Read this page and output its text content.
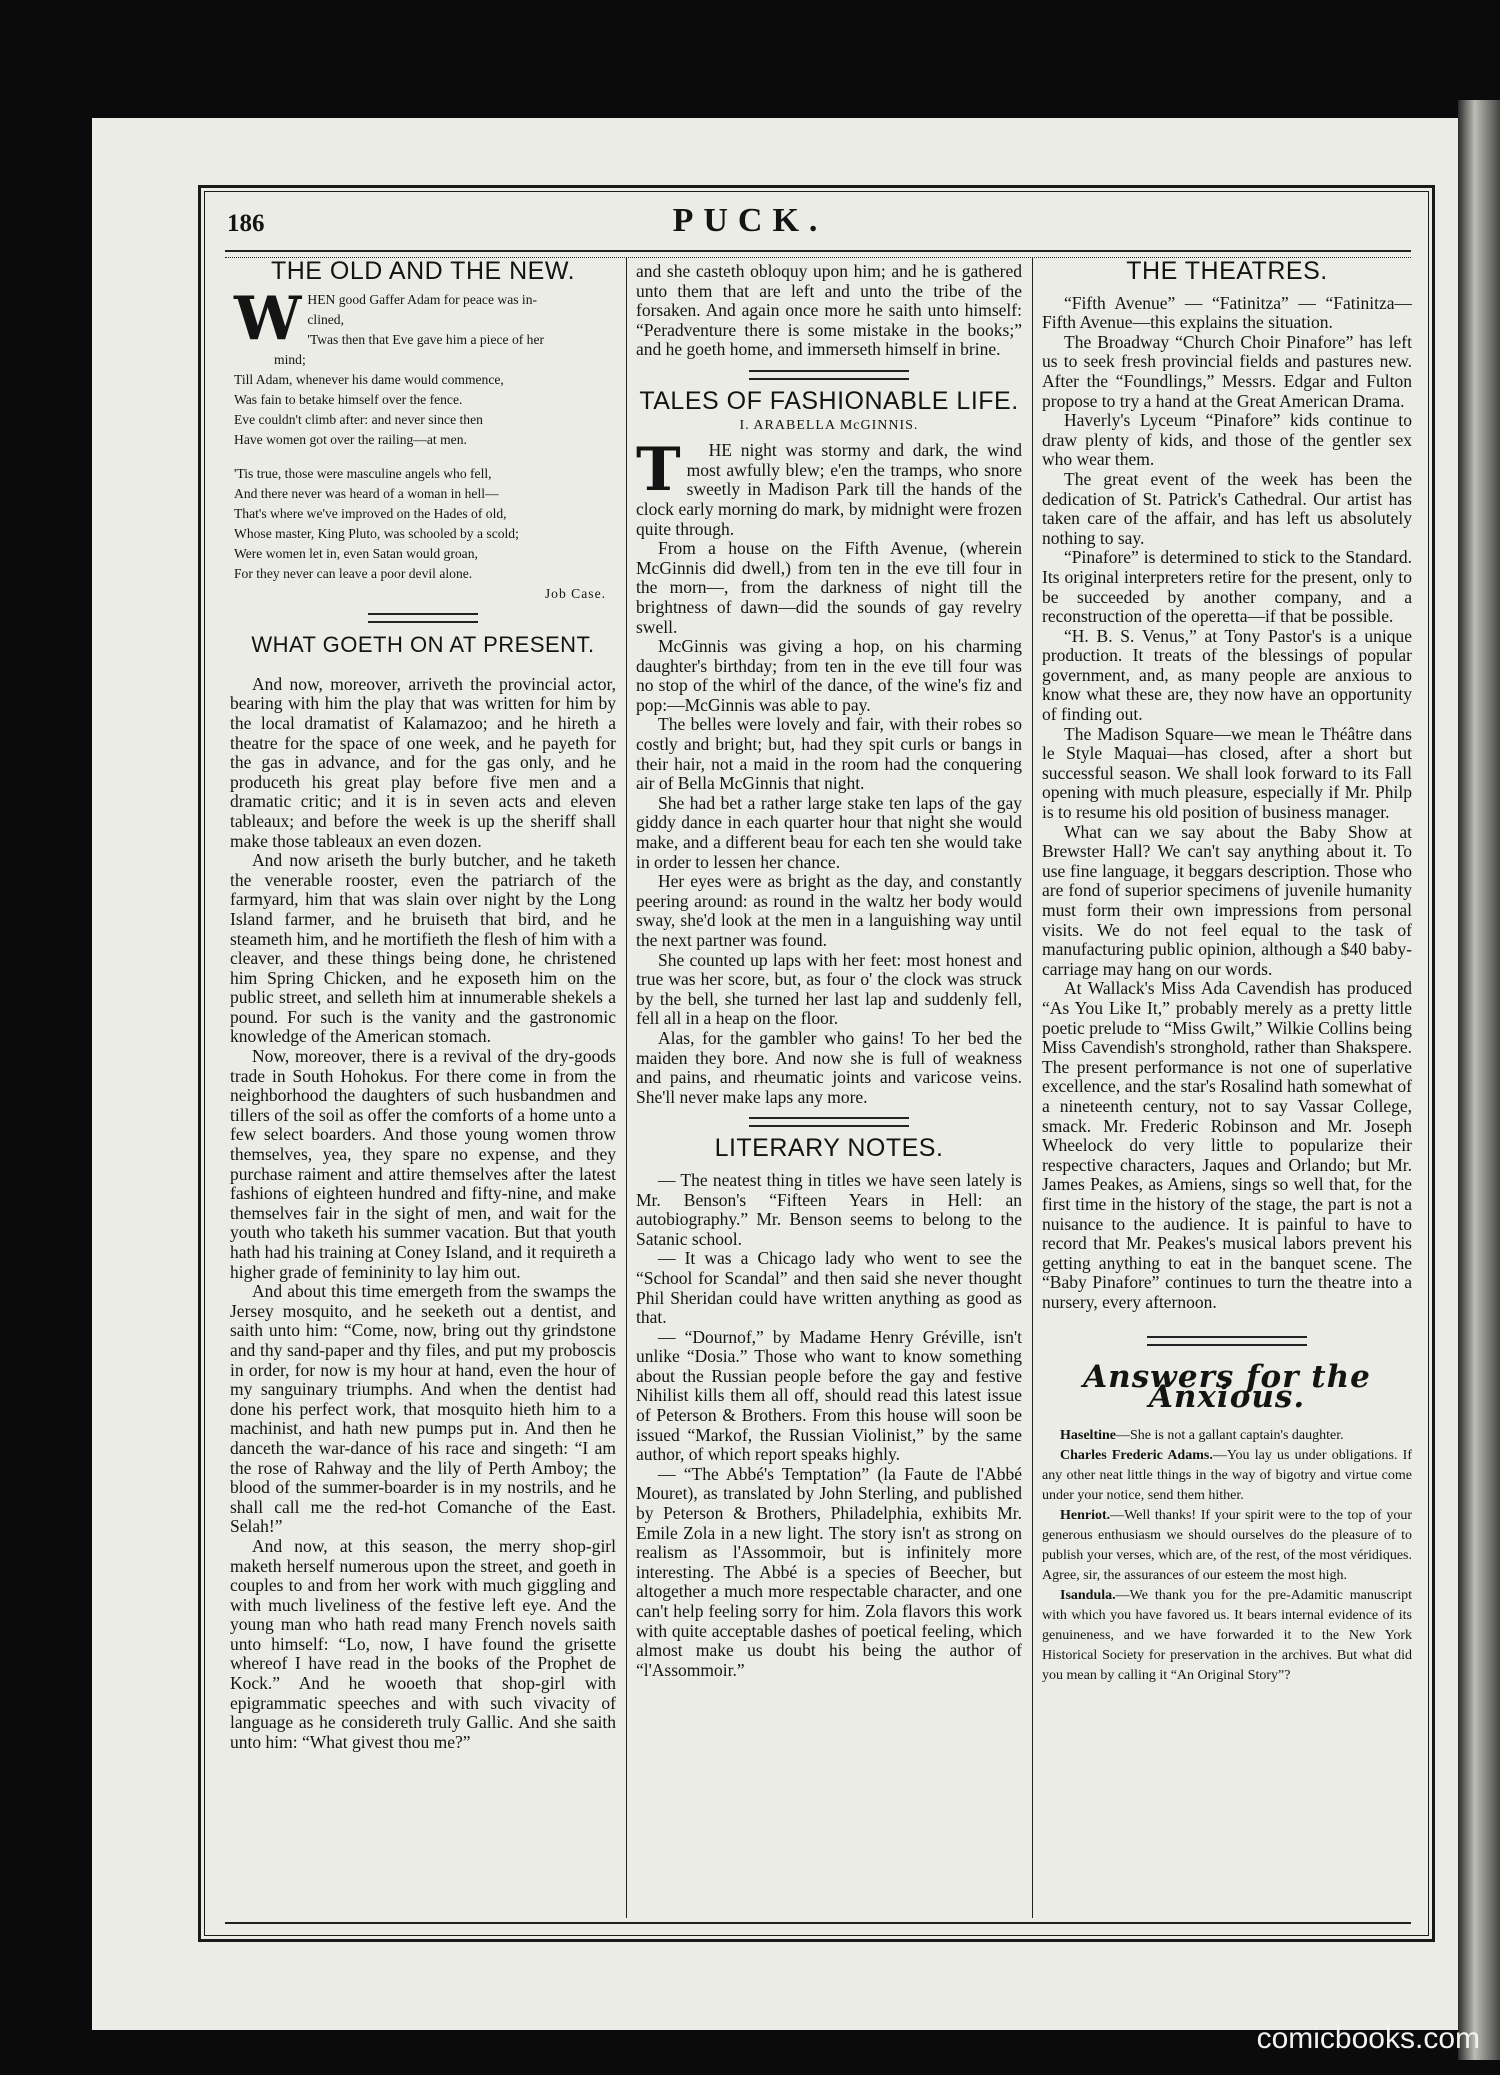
186	PUCK.
THE OLD AND THE NEW.
W HEN good Gaffer Adam for peace was in-

clined,

'Twas then that Eve gave him a piece of her

mind;

Till Adam, whenever his dame would commence,

Was fain to betake himself over the fence.

Eve couldn't climb after: and never since then

Have women got over the railing—at men.

'Tis true, those were masculine angels who fell,

And there never was heard of a woman in hell—

That's where we've improved on the Hades of old,

Whose master, King Pluto, was schooled by a scold;

Were women let in, even Satan would groan,

For they never can leave a poor devil alone.

Job Case.

WHAT GOETH ON AT PRESENT.

And now, moreover, arriveth the provincial actor, bearing with him the play that was written for him by the local dramatist of Kalamazoo; and he hireth a theatre for the space of one week, and he payeth for the gas in advance, and for the gas only, and he produceth his great play before five men and a dramatic critic; and it is in seven acts and eleven tableaux; and before the week is up the sheriff shall make those tableaux an even dozen.

And now ariseth the burly butcher, and he taketh the venerable rooster, even the patriarch of the farmyard, him that was slain over night by the Long Island farmer, and he bruiseth that bird, and he steameth him, and he mortifieth the flesh of him with a cleaver, and these things being done, he christened him Spring Chicken, and he exposeth him on the public street, and selleth him at innumerable shekels a pound. For such is the vanity and the gastronomic knowledge of the American stomach.

Now, moreover, there is a revival of the dry-goods trade in South Hohokus. For there come in from the neighborhood the daughters of such husbandmen and tillers of the soil as offer the comforts of a home unto a few select boarders. And those young women throw themselves, yea, they spare no expense, and they purchase raiment and attire themselves after the latest fashions of eighteen hundred and fifty-nine, and make themselves fair in the sight of men, and wait for the youth who taketh his summer vacation. But that youth hath had his training at Coney Island, and it requireth a higher grade of femininity to lay him out.

And about this time emergeth from the swamps the Jersey mosquito, and he seeketh out a dentist, and saith unto him: “Come, now, bring out thy grindstone and thy sand-paper and thy files, and put my proboscis in order, for now is my hour at hand, even the hour of my sanguinary triumphs. And when the dentist had done his perfect work, that mosquito hieth him to a machinist, and hath new pumps put in. And then he danceth the war-dance of his race and singeth: “I am the rose of Rahway and the lily of Perth Amboy; the blood of the summer-boarder is in my nostrils, and he shall call me the red-hot Comanche of the East. Selah!”

And now, at this season, the merry shop-girl maketh herself numerous upon the street, and goeth in couples to and from her work with much giggling and with much liveliness of the festive left eye. And the young man who hath read many French novels saith unto himself: “Lo, now, I have found the grisette whereof I have read in the books of the Prophet de Kock.” And he wooeth that shop-girl with epigrammatic speeches and with such vivacity of language as he considereth truly Gallic. And she saith unto him: “What givest thou me?”

and she casteth obloquy upon him; and he is gathered unto them that are left and unto the tribe of the forsaken. And again once more he saith unto himself: “Peradventure there is some mistake in the books;” and he goeth home, and immerseth himself in brine.

TALES OF FASHIONABLE LIFE.
I. ARABELLA McGINNIS.
T	HE night was stormy and dark, the wind most awfully blew; e'en the tramps, who snore sweetly in Madison Park till the hands of the clock early morning do mark, by midnight were frozen quite through.

From a house on the Fifth Avenue, (wherein McGinnis did dwell,) from ten in the eve till four in the morn—, from the darkness of night till the brightness of dawn—did the sounds of gay revelry swell.

McGinnis was giving a hop, on his charming daughter's birthday; from ten in the eve till four was no stop of the whirl of the dance, of the wine's fiz and pop:—McGinnis was able to pay.

The belles were lovely and fair, with their robes so costly and bright; but, had they spit curls or bangs in their hair, not a maid in the room had the conquering air of Bella McGinnis that night.

She had bet a rather large stake ten laps of the gay giddy dance in each quarter hour that night she would make, and a different beau for each ten she would take in order to lessen her chance.

Her eyes were as bright as the day, and constantly peering around: as round in the waltz her body would sway, she'd look at the men in a languishing way until the next partner was found.

She counted up laps with her feet: most honest and true was her score, but, as four o' the clock was struck by the bell, she turned her last lap and suddenly fell, fell all in a heap on the floor.

Alas, for the gambler who gains! To her bed the maiden they bore. And now she is full of weakness and pains, and rheumatic joints and varicose veins. She'll never make laps any more.

LITERARY NOTES.

— The neatest thing in titles we have seen lately is Mr. Benson's “Fifteen Years in Hell: an autobiography.” Mr. Benson seems to belong to the Satanic school.

— It was a Chicago lady who went to see the “School for Scandal” and then said she never thought Phil Sheridan could have written anything as good as that.

— “Dournof,” by Madame Henry Gréville, isn't unlike “Dosia.” Those who want to know something about the Russian people before the gay and festive Nihilist kills them all off, should read this latest issue of Peterson & Brothers. From this house will soon be issued “Markof, the Russian Violinist,” by the same author, of which report speaks highly.

— “The Abbé's Temptation” (la Faute de l'Abbé Mouret), as translated by John Sterling, and published by Peterson & Brothers, Philadelphia, exhibits Mr. Emile Zola in a new light. The story isn't as strong on realism as l'Assommoir, but is infinitely more interesting. The Abbé is a species of Beecher, but altogether a much more respectable character, and one can't help feeling sorry for him. Zola flavors this work with quite acceptable dashes of poetical feeling, which almost make us doubt his being the author of “l'Assommoir.”

THE THEATRES.

“Fifth Avenue” — “Fatinitza” — “Fatinitza—Fifth Avenue—this explains the situation.

The Broadway “Church Choir Pinafore” has left us to seek fresh provincial fields and pastures new. After the “Foundlings,” Messrs. Edgar and Fulton propose to try a hand at the Great American Drama.

Haverly's Lyceum “Pinafore” kids continue to draw plenty of kids, and those of the gentler sex who wear them.

The great event of the week has been the dedication of St. Patrick's Cathedral. Our artist has taken care of the affair, and has left us absolutely nothing to say.

“Pinafore” is determined to stick to the Standard. Its original interpreters retire for the present, only to be succeeded by another company, and a reconstruction of the operetta—if that be possible.

“H. B. S. Venus,” at Tony Pastor's is a unique production. It treats of the blessings of popular government, and, as many people are anxious to know what these are, they now have an opportunity of finding out.

The Madison Square—we mean le Théâtre dans le Style Maquai—has closed, after a short but successful season. We shall look forward to its Fall opening with much pleasure, especially if Mr. Philp is to resume his old position of business manager.

What can we say about the Baby Show at Brewster Hall? We can't say anything about it. To use fine language, it beggars description. Those who are fond of superior specimens of juvenile humanity must form their own impressions from personal visits. We do not feel equal to the task of manufacturing public opinion, although a $40 baby-carriage may hang on our words.

At Wallack's Miss Ada Cavendish has produced “As You Like It,” probably merely as a pretty little poetic prelude to “Miss Gwilt,” Wilkie Collins being Miss Cavendish's stronghold, rather than Shakspere. The present performance is not one of superlative excellence, and the star's Rosalind hath somewhat of a nineteenth century, not to say Vassar College, smack. Mr. Frederic Robinson and Mr. Joseph Wheelock do very little to popularize their respective characters, Jaques and Orlando; but Mr. James Peakes, as Amiens, sings so well that, for the first time in the history of the stage, the part is not a nuisance to the audience. It is painful to have to record that Mr. Peakes's musical labors prevent his getting anything to eat in the banquet scene. The “Baby Pinafore” continues to turn the theatre into a nursery, every afternoon.

Answers for the Anxious.

Haseltine—She is not a gallant captain's daughter.

Charles Frederic Adams.—You lay us under obligations. If any other neat little things in the way of bigotry and virtue come under your notice, send them hither.

Henriot.—Well thanks! If your spirit were to the top of your generous enthusiasm we should ourselves do the pleasure of to publish your verses, which are, of the rest, of the most véridiques. Agree, sir, the assurances of our esteem the most high.

Isandula.—We thank you for the pre-Adamitic manuscript with which you have favored us. It bears internal evidence of its genuineness, and we have forwarded it to the New York Historical Society for preservation in the archives. But what did you mean by calling it “An Original Story”?

comicbooks.com
